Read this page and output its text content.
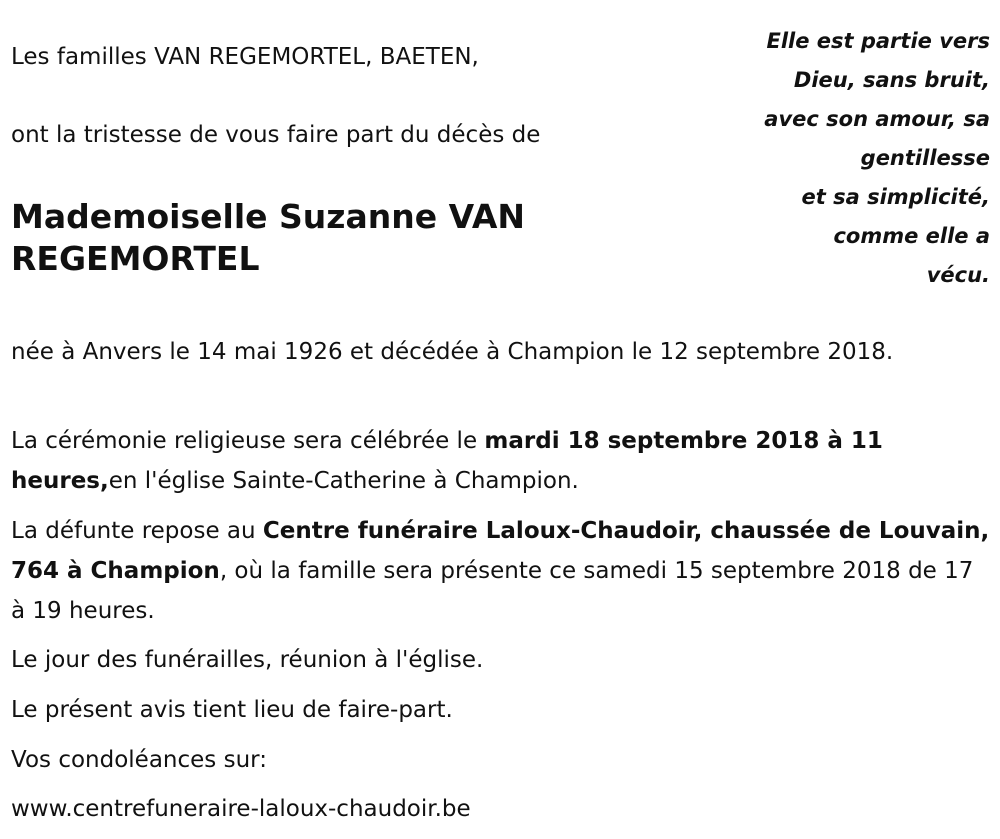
Les familles VAN REGEMORTEL, BAETEN,
ont la tristesse de vous faire part du décès de
Mademoiselle Suzanne VAN
REGEMORTEL
Elle est partie vers
Dieu, sans bruit,
avec son amour, sa
gentillesse
et sa simplicité,
comme elle a
vécu.

née à Anvers le 14 mai 1926 et décédée à Champion le 12 septembre 2018.

La cérémonie religieuse sera célébrée le mardi 18 septembre 2018 à 11 heures,en l'église Sainte-Catherine à Champion.

La défunte repose au Centre funéraire Laloux-Chaudoir, chaussée de Louvain, 764 à Champion, où la famille sera présente ce samedi 15 septembre 2018 de 17 à 19 heures.

Le jour des funérailles, réunion à l'église.
Le présent avis tient lieu de faire-part.
Vos condoléances sur:
www.centrefuneraire-laloux-chaudoir.be
